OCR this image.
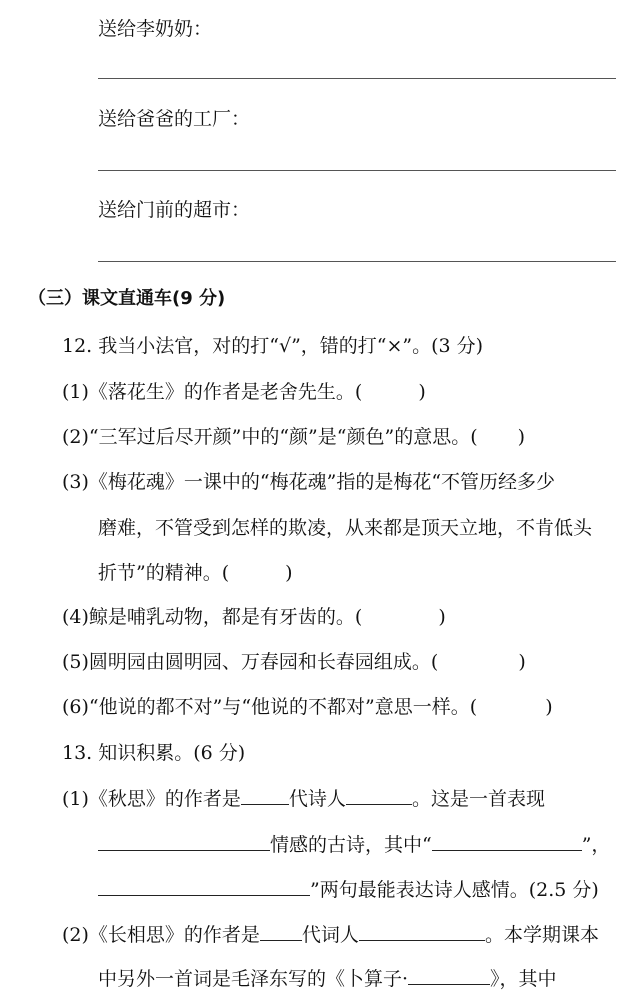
送给李奶奶：
送给爸爸的工厂：
送给门前的超市：
（三）课文直通车(9 分)
12. 我当小法官，对的打“√”，错的打“×”。(3 分)
(1)《落花生》的作者是老舍先生。(	)
(2)“三军过后尽开颜”中的“颜”是“颜色”的意思。( )
(3)《梅花魂》一课中的“梅花魂”指的是梅花“不管历经多少
磨难，不管受到怎样的欺凌，从来都是顶天立地，不肯低头
折节”的精神。(	)
(4)鲸是哺乳动物，都是有牙齿的。(	)
(5)圆明园由圆明园、万春园和长春园组成。(	)
(6)“他说的都不对”与“他说的不都对”意思一样。(	)
13. 知识积累。(6 分)
(1)《秋思》的作者是	代诗人	。这是一首表现
情感的古诗，其中“	”，
”两句最能表达诗人感情。(2.5 分)
(2)《长相思》的作者是 代词人	。本学期课本
中另外一首词是毛泽东写的《卜算子·	》，其中
